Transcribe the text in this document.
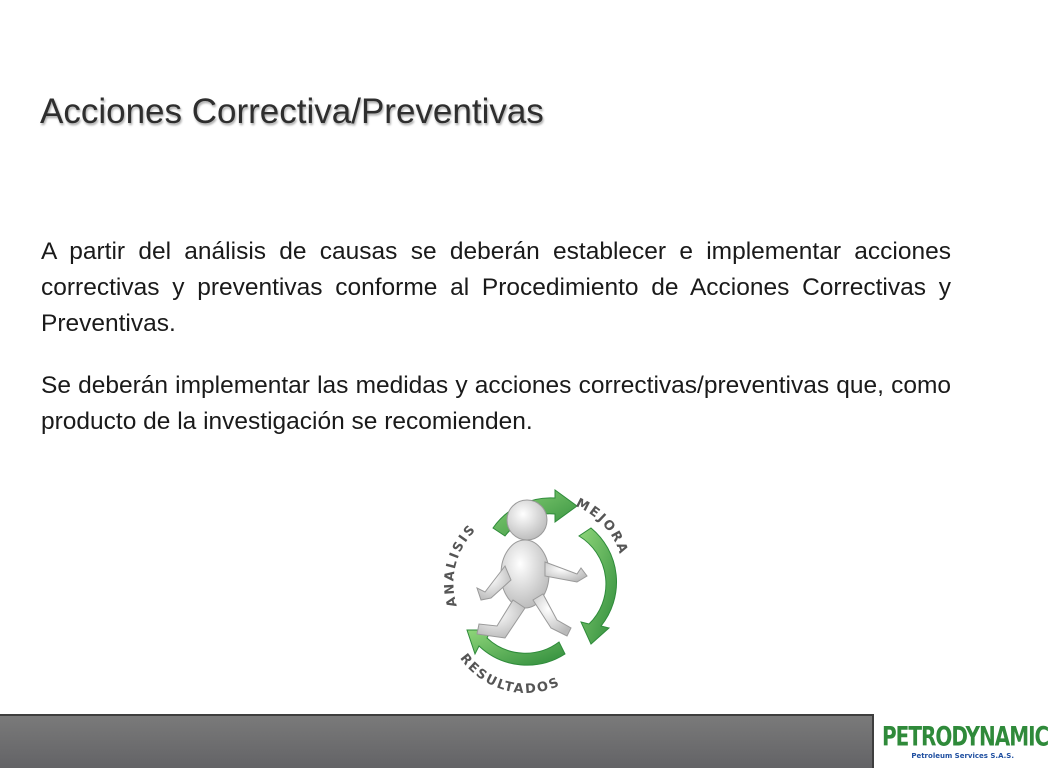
Acciones Correctiva/Preventivas

A partir del análisis de causas se deberán establecer e implementar acciones correctivas y preventivas conforme al Procedimiento de Acciones Correctivas y Preventivas.

Se deberán implementar las medidas y acciones correctivas/preventivas que, como producto de la investigación se recomienden.

ANALISIS
MEJORA
RESULTADOS
PETRODYNAMIC
Petroleum Services S.A.S.
